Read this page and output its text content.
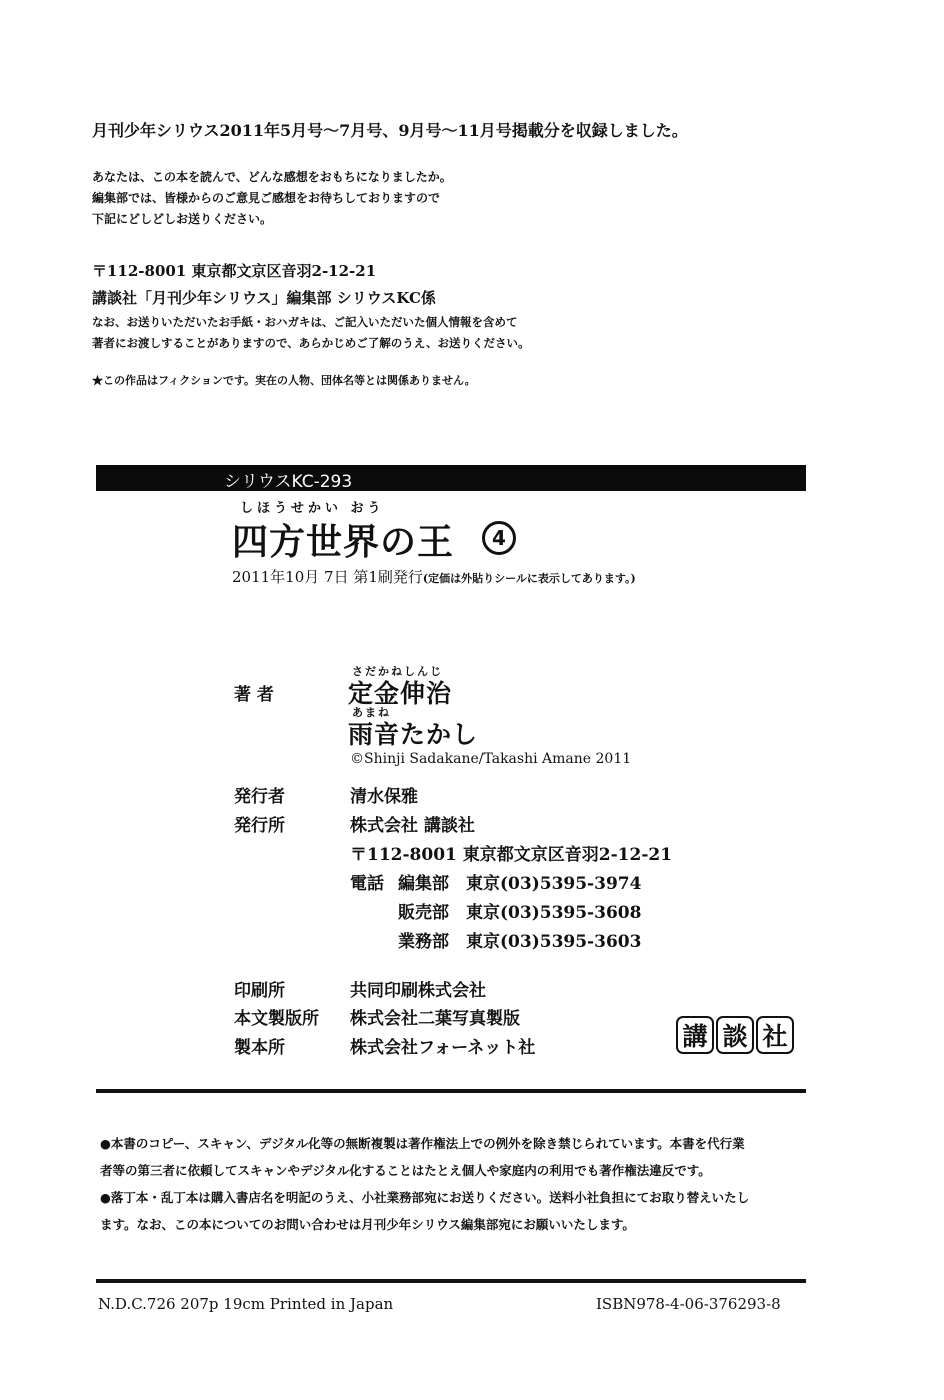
月刊少年シリウス2011年5月号〜7月号、9月号〜11月号掲載分を収録しました。
あなたは、この本を読んで、どんな感想をおもちになりましたか。
編集部では、皆様からのご意見ご感想をお待ちしておりますので
下記にどしどしお送りください。
〒112-8001 東京都文京区音羽2-12-21
講談社「月刊少年シリウス」編集部 シリウスKC係
なお、お送りいただいたお手紙・おハガキは、ご記入いただいた個人情報を含めて
著者にお渡しすることがありますので、あらかじめご了解のうえ、お送りください。
★この作品はフィクションです。実在の人物、団体名等とは関係ありません。
シリウスKC-293
しほうせかい おう
四方世界の王	4
2011年10月 7日 第1刷発行(定価は外貼りシールに表示してあります。)
著 者
さだかねしんじ
定金伸治
あまね
雨音たかし
©Shinji Sadakane/Takashi Amane 2011
発行者	清水保雅
発行所	株式会社 講談社
〒112-8001 東京都文京区音羽2-12-21
電話 編集部 東京(03)5395-3974
販売部 東京(03)5395-3608
業務部 東京(03)5395-3603
印刷所	共同印刷株式会社
本文製版所 株式会社二葉写真製版
製本所	株式会社フォーネット社	講 談 社
●本書のコピー、スキャン、デジタル化等の無断複製は著作権法上での例外を除き禁じられています。本書を代行業
者等の第三者に依頼してスキャンやデジタル化することはたとえ個人や家庭内の利用でも著作権法違反です。
●落丁本・乱丁本は購入書店名を明記のうえ、小社業務部宛にお送りください。送料小社負担にてお取り替えいたし
ます。なお、この本についてのお問い合わせは月刊少年シリウス編集部宛にお願いいたします。
N.D.C.726 207p 19cm Printed in Japan	ISBN978-4-06-376293-8
